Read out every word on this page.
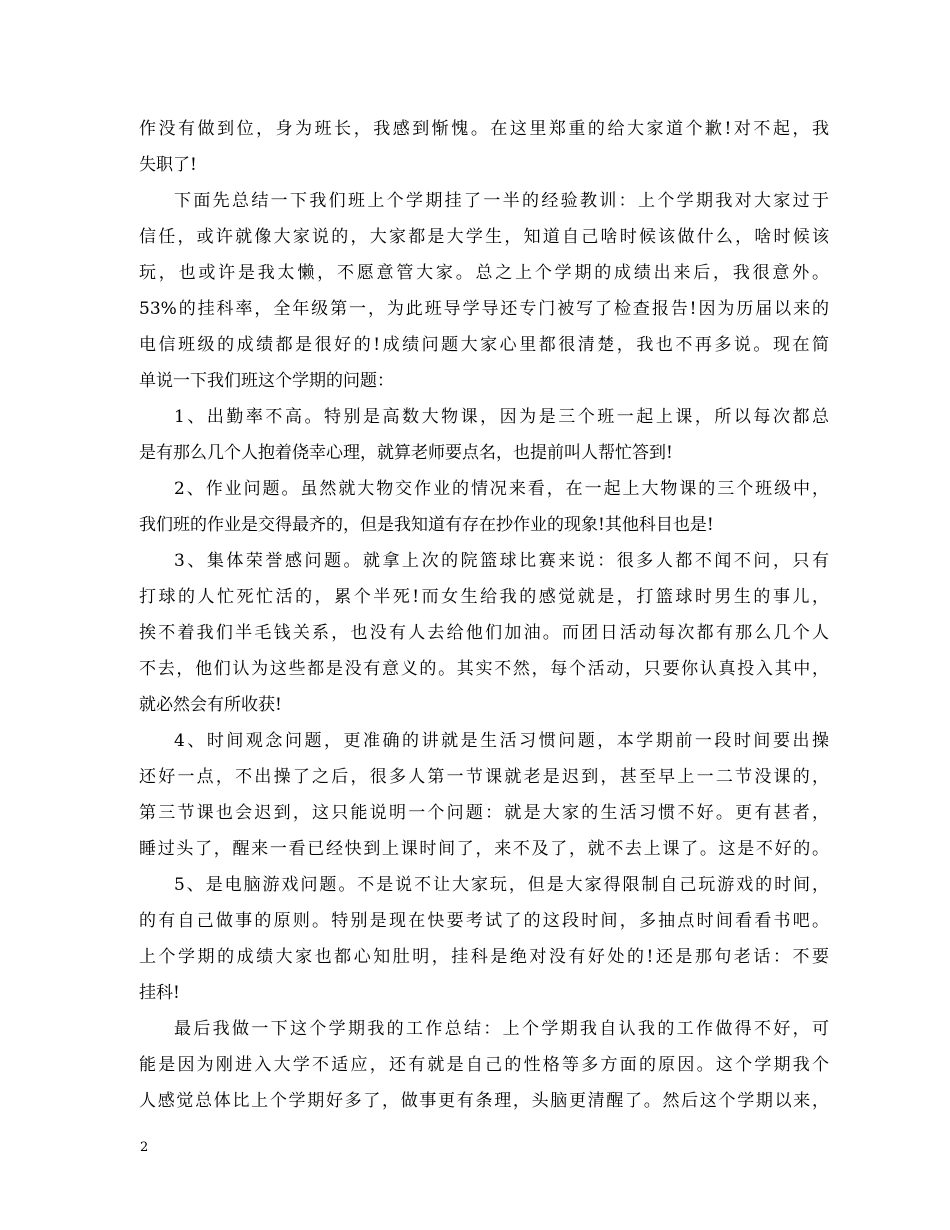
作没有做到位，身为班长，我感到惭愧。在这里郑重的给大家道个歉!对不起，我
失职了!
下面先总结一下我们班上个学期挂了一半的经验教训：上个学期我对大家过于
信任，或许就像大家说的，大家都是大学生，知道自己啥时候该做什么，啥时候该
玩，也或许是我太懒，不愿意管大家。总之上个学期的成绩出来后，我很意外。
53%的挂科率，全年级第一，为此班导学导还专门被写了检查报告!因为历届以来的
电信班级的成绩都是很好的!成绩问题大家心里都很清楚，我也不再多说。现在简
单说一下我们班这个学期的问题：
1、出勤率不高。特别是高数大物课，因为是三个班一起上课，所以每次都总
是有那么几个人抱着侥幸心理，就算老师要点名，也提前叫人帮忙答到!
2、作业问题。虽然就大物交作业的情况来看，在一起上大物课的三个班级中，
我们班的作业是交得最齐的，但是我知道有存在抄作业的现象!其他科目也是!
3、集体荣誉感问题。就拿上次的院篮球比赛来说：很多人都不闻不问，只有
打球的人忙死忙活的，累个半死!而女生给我的感觉就是，打篮球时男生的事儿，
挨不着我们半毛钱关系，也没有人去给他们加油。而团日活动每次都有那么几个人
不去，他们认为这些都是没有意义的。其实不然，每个活动，只要你认真投入其中，
就必然会有所收获!
4、时间观念问题，更准确的讲就是生活习惯问题，本学期前一段时间要出操
还好一点，不出操了之后，很多人第一节课就老是迟到，甚至早上一二节没课的，
第三节课也会迟到，这只能说明一个问题：就是大家的生活习惯不好。更有甚者，
睡过头了，醒来一看已经快到上课时间了，来不及了，就不去上课了。这是不好的。
5、是电脑游戏问题。不是说不让大家玩，但是大家得限制自己玩游戏的时间，
的有自己做事的原则。特别是现在快要考试了的这段时间，多抽点时间看看书吧。
上个学期的成绩大家也都心知肚明，挂科是绝对没有好处的!还是那句老话：不要
挂科!
最后我做一下这个学期我的工作总结：上个学期我自认我的工作做得不好，可
能是因为刚进入大学不适应，还有就是自己的性格等多方面的原因。这个学期我个
人感觉总体比上个学期好多了，做事更有条理，头脑更清醒了。然后这个学期以来，
2
